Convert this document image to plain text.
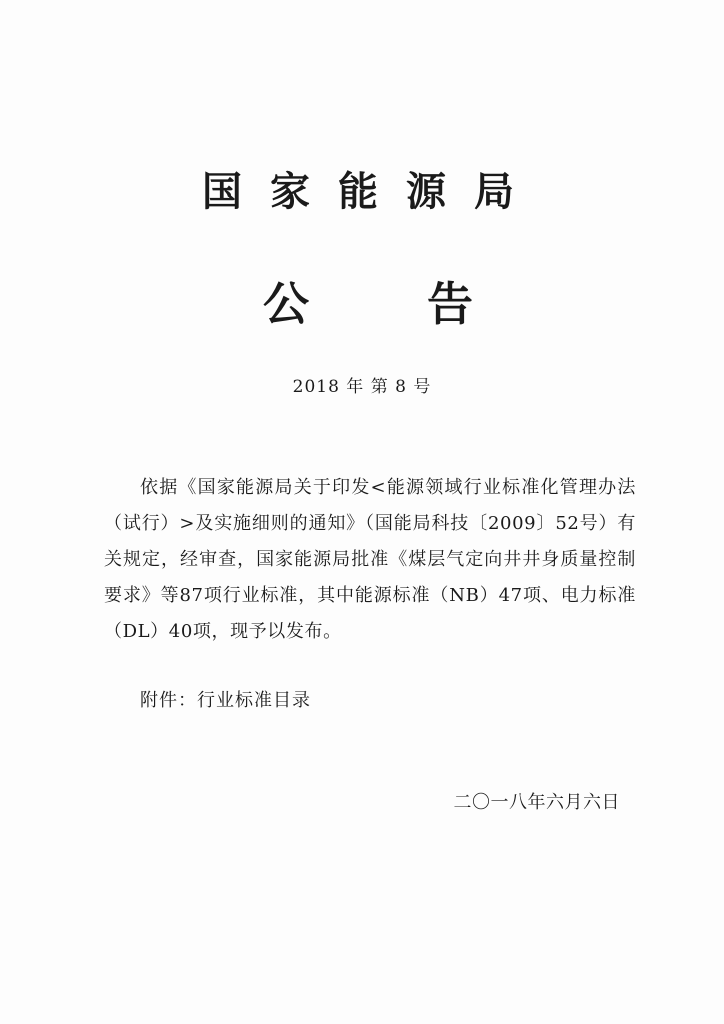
国家能源局
公告
2018 年 第 8 号

依据《国家能源局关于印发<能源领域行业标准化管理办法（试行）>及实施细则的通知》（国能局科技〔2009〕52号）有关规定，经审查，国家能源局批准《煤层气定向井井身质量控制要求》等87项行业标准，其中能源标准（NB）47项、电力标准（DL）40项，现予以发布。

附件：行业标准目录
二〇一八年六月六日
